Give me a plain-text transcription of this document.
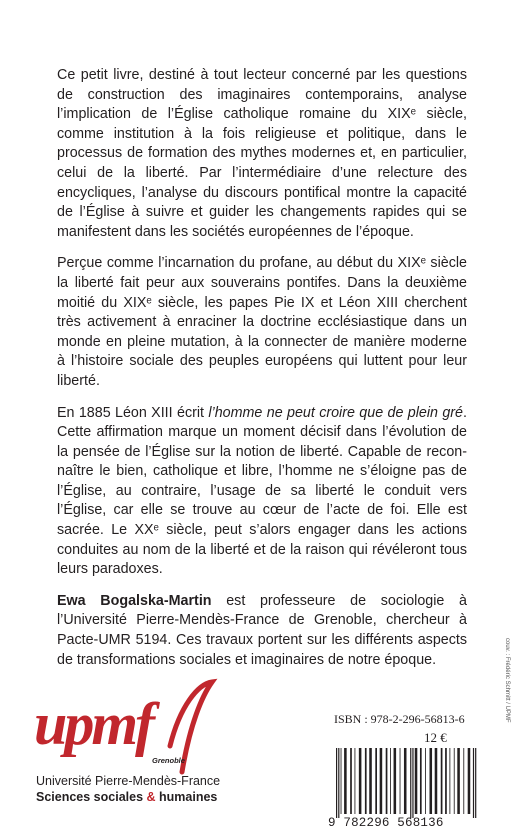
Ce petit livre, destiné à tout lecteur concerné par les questions de construction des imaginaires contemporains, analyse l’implication de l’Église catholique romaine du XIXᵉ siècle, comme institution à la fois religieuse et politique, dans le processus de formation des mythes modernes et, en particulier, celui de la liberté. Par l’intermédiaire d’une relecture des encycliques, l’analyse du discours pontifical montre la capacité de l’Église à suivre et guider les changements rapides qui se manifestent dans les sociétés européennes de l’époque.

Perçue comme l’incarnation du profane, au début du XIXᵉ siècle la liberté fait peur aux souverains pontifes. Dans la deuxième moitié du XIXᵉ siècle, les papes Pie IX et Léon XIII cherchent très activement à enraciner la doctrine ecclésiastique dans un monde en pleine mutation, à la connecter de manière moderne à l’histoire sociale des peuples européens qui luttent pour leur liberté.

En 1885 Léon XIII écrit l’homme ne peut croire que de plein gré. Cette affirmation marque un moment décisif dans l’évolution de la pensée de l’Église sur la notion de liberté. Capable de reconnaître le bien, catholique et libre, l’homme ne s’éloigne pas de l’Église, au contraire, l’usage de sa liberté le conduit vers l’Église, car elle se trouve au cœur de l’acte de foi. Elle est sacrée. Le XXᵉ siècle, peut s’alors engager dans les actions conduites au nom de la liberté et de la raison qui révéleront tous leurs paradoxes.

Ewa Bogalska-Martin est professeure de sociologie à l’Université Pierre-Mendès-France de Grenoble, chercheur à Pacte-UMR 5194. Ces travaux portent sur les différents aspects de transformations sociales et imaginaires de notre époque.	couv. : Frédéric Schmitt / UPMF
upmf
Grenoble
Université Pierre-Mendès-France
Sciences sociales & humaines
ISBN : 978-2-296-56813-6
12 €
9 782296 568136
